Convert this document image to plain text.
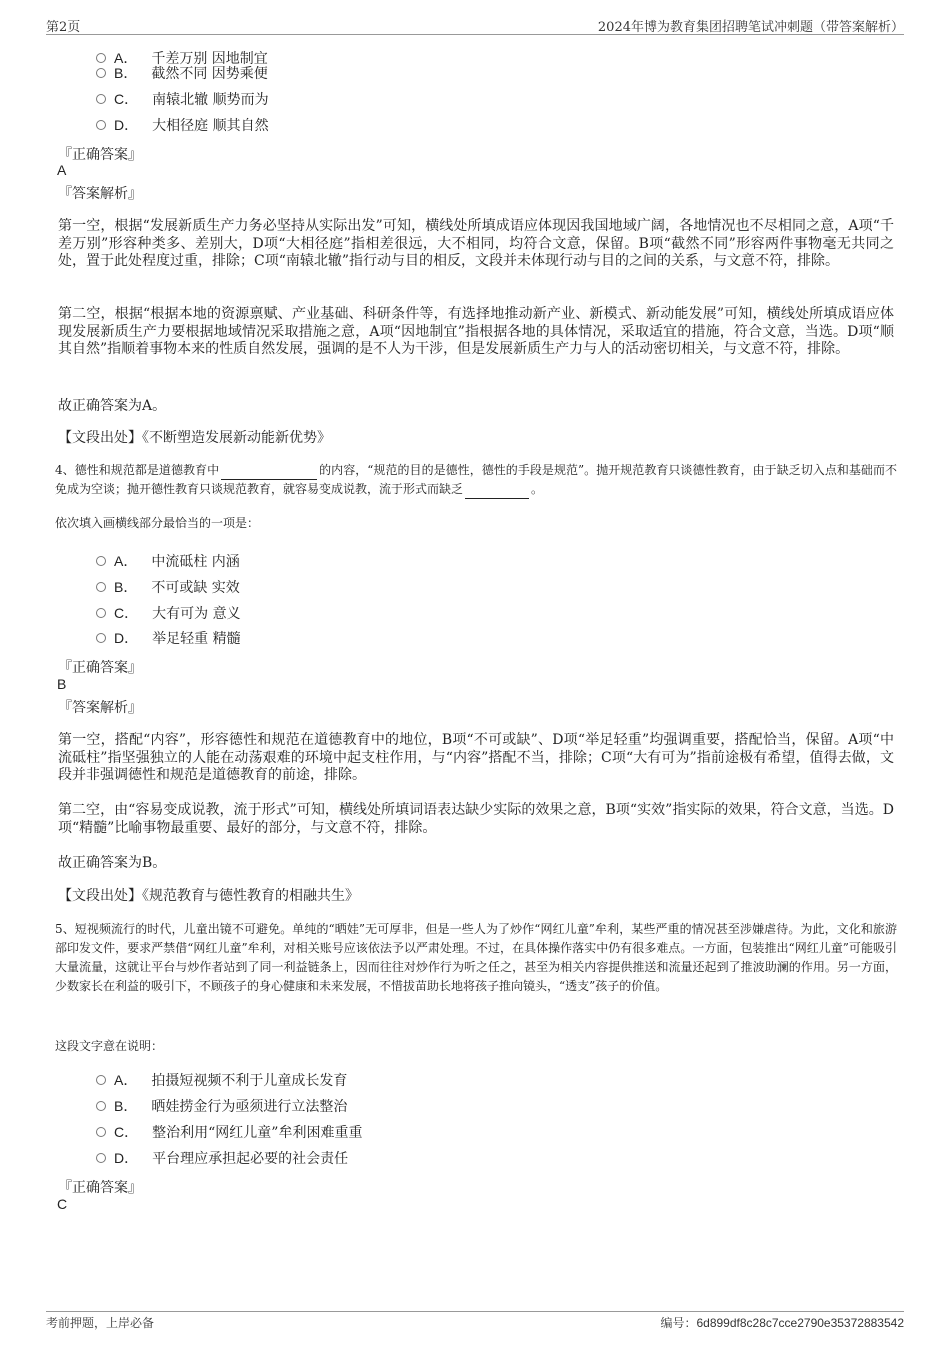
第2页	2024年博为教育集团招聘笔试冲刺题（带答案解析）
A． 千差万别 因地制宜
B． 截然不同 因势乘便
C． 南辕北辙 顺势而为
D． 大相径庭 顺其自然
『正确答案』
A
『答案解析』
第一空，根据“发展新质生产力务必坚持从实际出发”可知，横线处所填成语应体现因我国地域广阔，各地情况也不尽相同之意，A项“千差万别”形容种类多、差别大，D项“大相径庭”指相差很远，大不相同，均符合文意，保留。B项“截然不同”形容两件事物毫无共同之处，置于此处程度过重，排除；C项“南辕北辙”指行动与目的相反，文段并未体现行动与目的之间的关系，与文意不符，排除。
第二空，根据“根据本地的资源禀赋、产业基础、科研条件等，有选择地推动新产业、新模式、新动能发展”可知，横线处所填成语应体现发展新质生产力要根据地域情况采取措施之意，A项“因地制宜”指根据各地的具体情况，采取适宜的措施，符合文意，当选。D项“顺其自然”指顺着事物本来的性质自然发展，强调的是不人为干涉，但是发展新质生产力与人的活动密切相关，与文意不符，排除。
故正确答案为A。
【文段出处】《不断塑造发展新动能新优势》
4、德性和规范都是道德教育中	的内容，“规范的目的是德性，德性的手段是规范”。抛开规范教育只谈德性教育，由于缺乏切入点和基础而不免成为空谈；抛开德性教育只谈规范教育，就容易变成说教，流于形式而缺乏	。
依次填入画横线部分最恰当的一项是：
A． 中流砥柱 内涵
B． 不可或缺 实效
C． 大有可为 意义
D． 举足轻重 精髓
『正确答案』
B
『答案解析』
第一空，搭配“内容”，形容德性和规范在道德教育中的地位，B项“不可或缺”、D项“举足轻重”均强调重要，搭配恰当，保留。A项“中流砥柱”指坚强独立的人能在动荡艰难的环境中起支柱作用，与“内容”搭配不当，排除；C项“大有可为”指前途极有希望，值得去做，文段并非强调德性和规范是道德教育的前途，排除。
第二空，由“容易变成说教，流于形式”可知，横线处所填词语表达缺少实际的效果之意，B项“实效”指实际的效果，符合文意，当选。D项“精髓”比喻事物最重要、最好的部分，与文意不符，排除。
故正确答案为B。
【文段出处】《规范教育与德性教育的相融共生》
5、短视频流行的时代，儿童出镜不可避免。单纯的“晒娃”无可厚非，但是一些人为了炒作“网红儿童”牟利，某些严重的情况甚至涉嫌虐待。为此，文化和旅游部印发文件，要求严禁借“网红儿童”牟利，对相关账号应该依法予以严肃处理。不过，在具体操作落实中仍有很多难点。一方面，包装推出“网红儿童”可能吸引大量流量，这就让平台与炒作者站到了同一利益链条上，因而往往对炒作行为听之任之，甚至为相关内容提供推送和流量还起到了推波助澜的作用。另一方面，少数家长在利益的吸引下，不顾孩子的身心健康和未来发展，不惜拔苗助长地将孩子推向镜头，“透支”孩子的价值。
这段文字意在说明：
A． 拍摄短视频不利于儿童成长发育
B． 晒娃捞金行为亟须进行立法整治
C． 整治利用“网红儿童”牟利困难重重
D． 平台理应承担起必要的社会责任
『正确答案』
C
考前押题，上岸必备	编号：6d899df8c28c7cce2790e35372883542
